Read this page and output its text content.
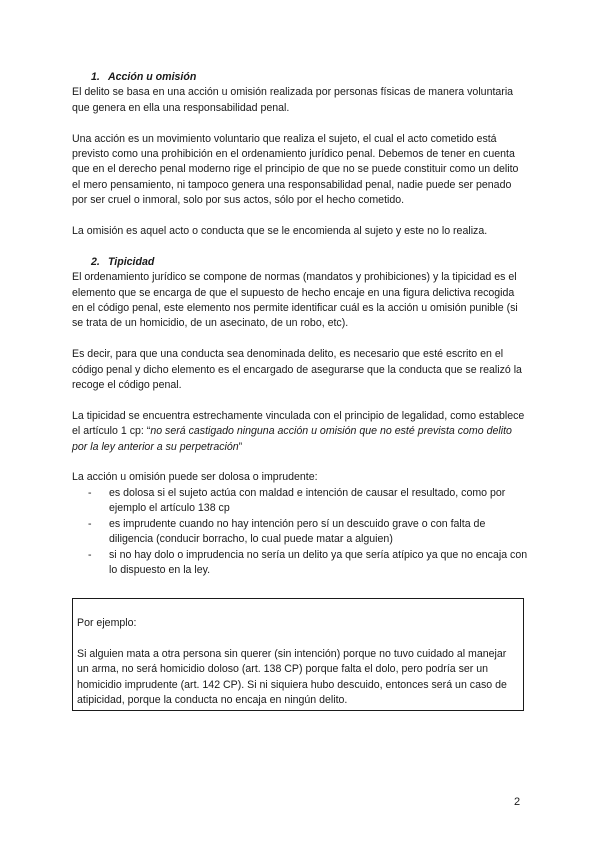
1. Acción u omisión

El delito se basa en una acción u omisión realizada por personas físicas de manera voluntaria que genera en ella una responsabilidad penal.

Una acción es un movimiento voluntario que realiza el sujeto, el cual el acto cometido está previsto como una prohibición en el ordenamiento jurídico penal. Debemos de tener en cuenta que en el derecho penal moderno rige el principio de que no se puede constituir como un delito el mero pensamiento, ni tampoco genera una responsabilidad penal, nadie puede ser penado por ser cruel o inmoral, solo por sus actos, sólo por el hecho cometido.

La omisión es aquel acto o conducta que se le encomienda al sujeto y este no lo realiza.

2. Tipicidad

El ordenamiento jurídico se compone de normas (mandatos y prohibiciones) y la tipicidad es el elemento que se encarga de que el supuesto de hecho encaje en una figura delictiva recogida en el código penal, este elemento nos permite identificar cuál es la acción u omisión punible (si se trata de un homicidio, de un asecinato, de un robo, etc).

Es decir, para que una conducta sea denominada delito, es necesario que esté escrito en el código penal y dicho elemento es el encargado de asegurarse que la conducta que se realizó la recoge el código penal.

La tipicidad se encuentra estrechamente vinculada con el principio de legalidad, como establece el artículo 1 cp: “no será castigado ninguna acción u omisión que no esté prevista como delito por la ley anterior a su perpetración”

La acción u omisión puede ser dolosa o imprudente:

- es dolosa si el sujeto actúa con maldad e intención de causar el resultado, como por ejemplo el artículo 138 cp
- es imprudente cuando no hay intención pero sí un descuido grave o con falta de diligencia (conducir borracho, lo cual puede matar a alguien)
- si no hay dolo o imprudencia no sería un delito ya que sería atípico ya que no encaja con lo dispuesto en la ley.

Por ejemplo:

Si alguien mata a otra persona sin querer (sin intención) porque no tuvo cuidado al manejar un arma, no será homicidio doloso (art. 138 CP) porque falta el dolo, pero podría ser un homicidio imprudente (art. 142 CP). Si ni siquiera hubo descuido, entonces será un caso de atipicidad, porque la conducta no encaja en ningún delito.

2
